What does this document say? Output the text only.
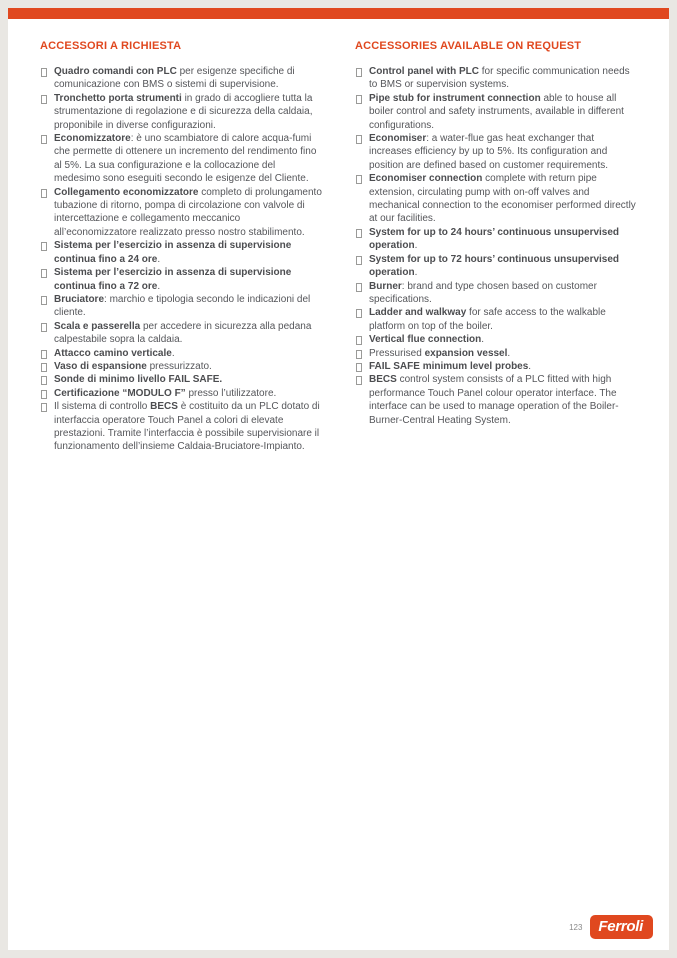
ACCESSORI A RICHIESTA
Quadro comandi con PLC per esigenze specifiche di comunicazione con BMS o sistemi di supervisione.
Tronchetto porta strumenti in grado di accogliere tutta la strumentazione di regolazione e di sicurezza della caldaia, proponibile in diverse configurazioni.
Economizzatore: è uno scambiatore di calore acqua-fumi che permette di ottenere un incremento del rendimento fino al 5%. La sua configurazione e la collocazione del medesimo sono eseguiti secondo le esigenze del Cliente.
Collegamento economizzatore completo di prolungamento tubazione di ritorno, pompa di circolazione con valvole di intercettazione e collegamento meccanico all’economizzatore realizzato presso nostro stabilimento.
Sistema per l’esercizio in assenza di supervisione continua fino a 24 ore.
Sistema per l’esercizio in assenza di supervisione continua fino a 72 ore.
Bruciatore: marchio e tipologia secondo le indicazioni del cliente.
Scala e passerella per accedere in sicurezza alla pedana calpestabile sopra la caldaia.
Attacco camino verticale.
Vaso di espansione pressurizzato.
Sonde di minimo livello FAIL SAFE.
Certificazione “MODULO F” presso l’utilizzatore.
Il sistema di controllo BECS è costituito da un PLC dotato di interfaccia operatore Touch Panel a colori di elevate prestazioni. Tramite l’interfaccia è possibile supervisionare il funzionamento dell’insieme Caldaia-Bruciatore-Impianto.
ACCESSORIES AVAILABLE ON REQUEST
Control panel with PLC for specific communication needs to BMS or supervision systems.
Pipe stub for instrument connection able to house all boiler control and safety instruments, available in different configurations.
Economiser: a water-flue gas heat exchanger that increases efficiency by up to 5%. Its configuration and position are defined based on customer requirements.
Economiser connection complete with return pipe extension, circulating pump with on-off valves and mechanical connection to the economiser performed directly at our facilities.
System for up to 24 hours’ continuous unsupervised operation.
System for up to 72 hours’ continuous unsupervised operation.
Burner: brand and type chosen based on customer specifications.
Ladder and walkway for safe access to the walkable platform on top of the boiler.
Vertical flue connection.
Pressurised expansion vessel.
FAIL SAFE minimum level probes.
BECS control system consists of a PLC fitted with high performance Touch Panel colour operator interface. The interface can be used to manage operation of the Boiler-Burner-Central Heating System.
123	Ferroli
